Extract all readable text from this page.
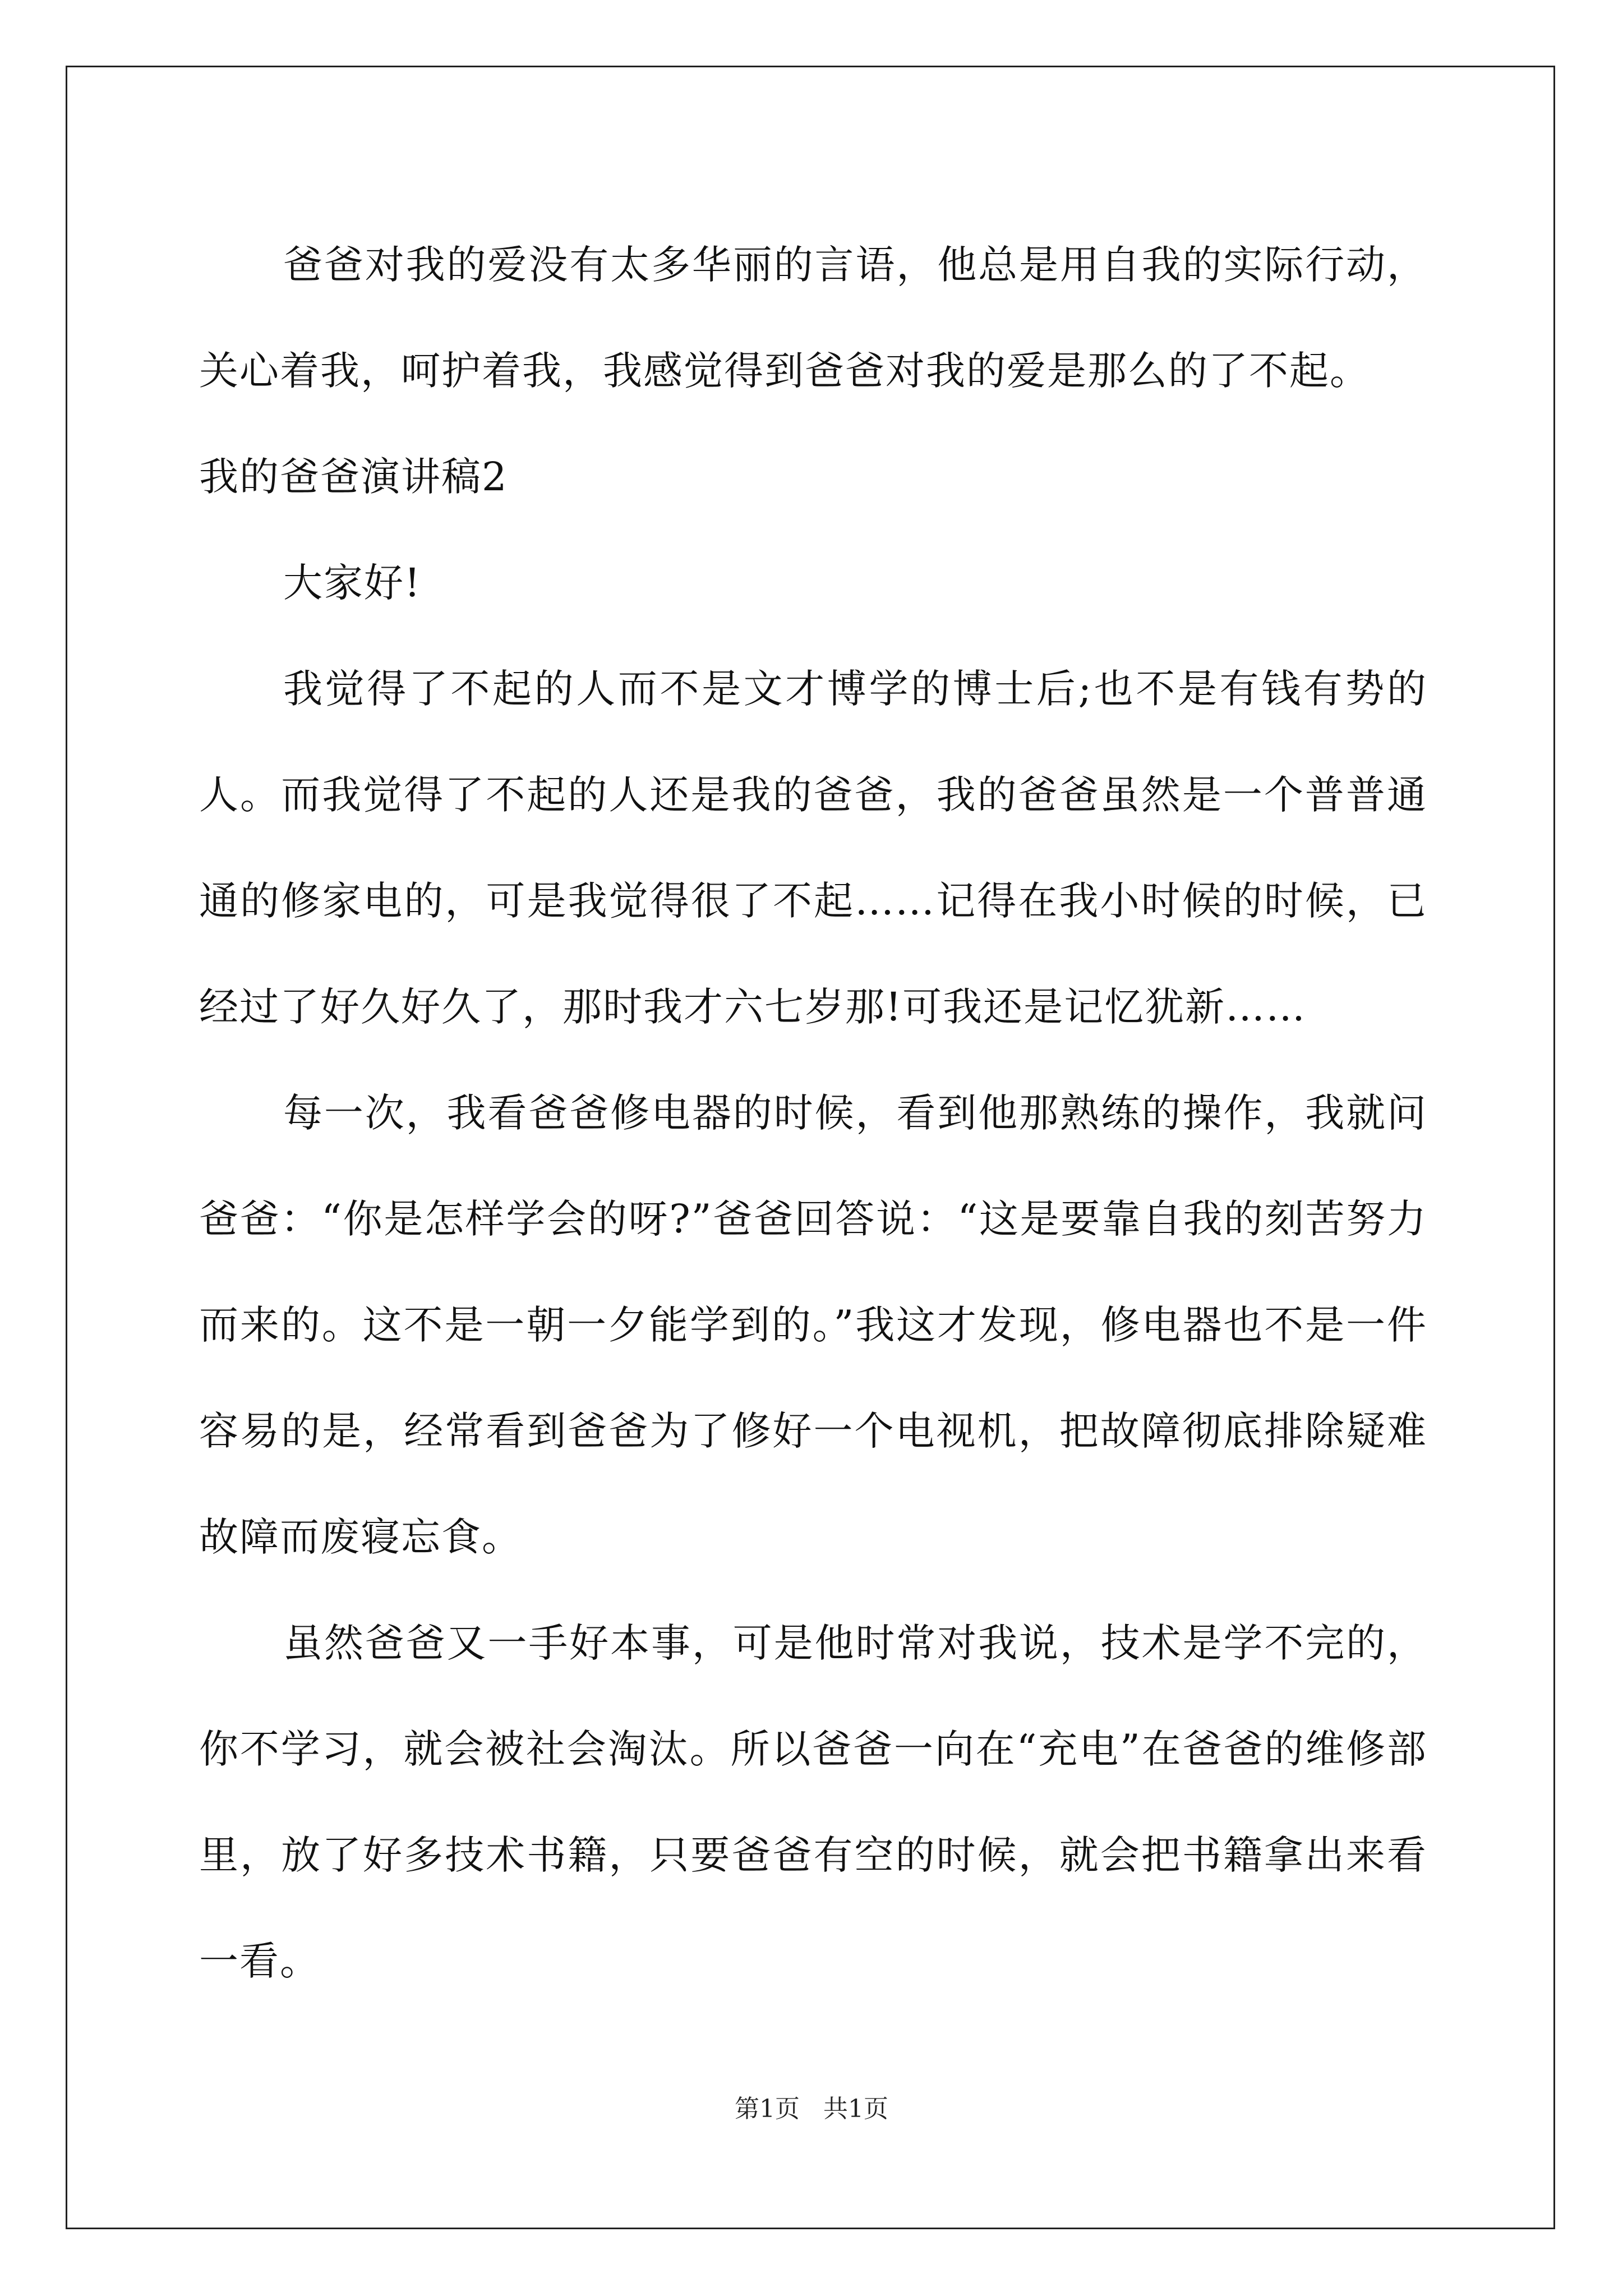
爸爸对我的爱没有太多华丽的言语，他总是用自我的实际行动，关心着我，呵护着我，我感觉得到爸爸对我的爱是那么的了不起。

我的爸爸演讲稿2

大家好!

我觉得了不起的人而不是文才博学的博士后;也不是有钱有势的人。而我觉得了不起的人还是我的爸爸，我的爸爸虽然是一个普普通通的修家电的，可是我觉得很了不起……记得在我小时候的时候，已经过了好久好久了，那时我才六七岁那!可我还是记忆犹新……

每一次，我看爸爸修电器的时候，看到他那熟练的操作，我就问爸爸：“你是怎样学会的呀?”爸爸回答说：“这是要靠自我的刻苦努力而来的。这不是一朝一夕能学到的。”我这才发现，修电器也不是一件容易的是，经常看到爸爸为了修好一个电视机，把故障彻底排除疑难故障而废寝忘食。

虽然爸爸又一手好本事，可是他时常对我说，技术是学不完的，你不学习，就会被社会淘汰。所以爸爸一向在“充电”在爸爸的维修部里，放了好多技术书籍，只要爸爸有空的时候，就会把书籍拿出来看一看。

第1页 共1页
